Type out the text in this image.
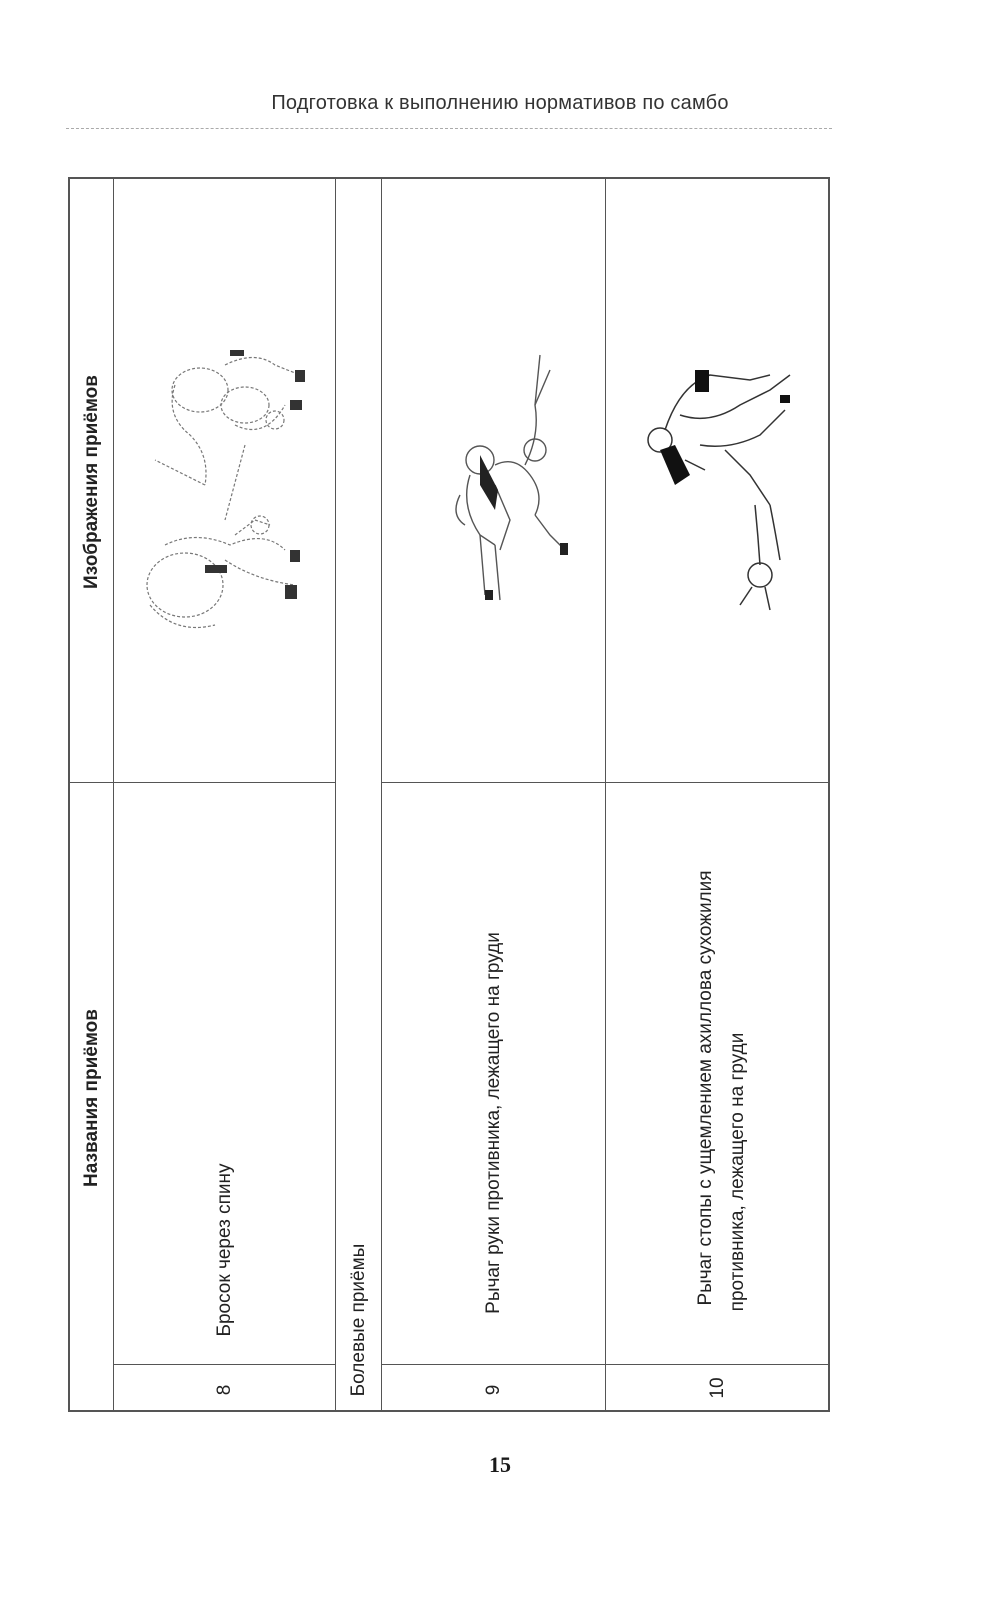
Подготовка к выполнению нормативов по самбо
Названия приёмов
Изображения приёмов
8
Бросок через спину	Болевые приёмы	9
Рычаг руки противника, лежащего на груди
10
Рычаг стопы с ущемлением ахиллова сухожилия противника, лежащего на груди
15
